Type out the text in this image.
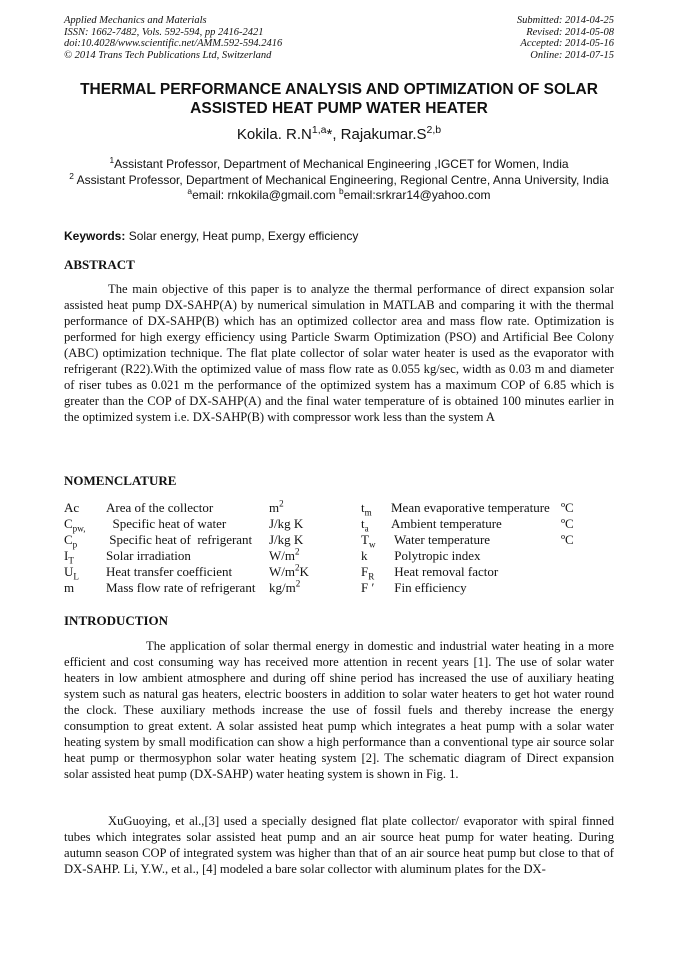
Applied Mechanics and Materials
ISSN: 1662-7482, Vols. 592-594, pp 2416-2421
doi:10.4028/www.scientific.net/AMM.592-594.2416
© 2014 Trans Tech Publications Ltd, Switzerland
Submitted: 2014-04-25
Revised: 2014-05-08
Accepted: 2014-05-16
Online: 2014-07-15
THERMAL PERFORMANCE ANALYSIS AND OPTIMIZATION OF SOLAR ASSISTED HEAT PUMP WATER HEATER
Kokila. $R.N^{1,a}*$, $Rajakumar.S^{2,b}$
$^1$Assistant Professor, Department of Mechanical Engineering ,IGCET for Women, India
$^2$ Assistant Professor, Department of Mechanical Engineering, Regional Centre, Anna University, India
$^a$email: rnkokila@gmail.com $^b$email:srkrar14@yahoo.com
Keywords: Solar energy, Heat pump, Exergy efficiency
ABSTRACT

The main objective of this paper is to analyze the thermal performance of direct expansion solar assisted heat pump DX-SAHP(A) by numerical simulation in MATLAB and comparing it with the thermal performance of DX-SAHP(B) which has an optimized collector area and mass flow rate. Optimization is performed for high exergy efficiency using Particle Swarm Optimization (PSO) and Artificial Bee Colony (ABC) optimization technique. The flat plate collector of solar water heater is used as the evaporator with refrigerant (R22).With the optimized value of mass flow rate as 0.055 kg/sec, width as 0.03 m and diameter of riser tubes as 0.021 m the performance of the optimized system has a maximum COP of 6.85 which is greater than the COP of DX-SAHP(A) and the final water temperature of is obtained 100 minutes earlier in the optimized system i.e. DX-SAHP(B) with compressor work less than the system A

NOMENCLATURE
Ac	Area of the collector	$m^2$	$t_m$	Mean evaporative temperature	ºC
$C_{pw,}$	Specific heat of water	J/kg K	$t_a$	Ambient temperature	ºC
$C_p$	Specific heat of  refrigerant	J/kg K	$T_w$	Water temperature	ºC
$I_T$	Solar irradiation	$W/m^2$	k	Polytropic index	
$U_L$	Heat transfer coefficient	$W/m^2K$	$F_R$	Heat removal factor	
m	Mass flow rate of refrigerant	$kg/m^2$	F ′	Fin efficiency	
INTRODUCTION

The application of solar thermal energy in domestic and industrial water heating in a more efficient and cost consuming way has received more attention in recent years [1]. The use of solar water heaters in low ambient atmosphere and during off shine period has increased the use of auxiliary heating system such as natural gas heaters, electric boosters in addition to solar water heaters to get hot water round the clock. These auxiliary methods increase the use of fossil fuels and thereby increase the energy consumption to great extent. A solar assisted heat pump which integrates a heat pump with a solar water heating system by small modification can show a high performance than a conventional type air source solar heat pump or thermosyphon solar water heating system [2]. The schematic diagram of Direct expansion solar assisted heat pump (DX-SAHP) water heating system is shown in Fig. 1.

XuGuoying, et al.,[3] used a specially designed flat plate collector/ evaporator with spiral finned tubes which integrates solar assisted heat pump and an air source heat pump for water heating. During autumn season COP of integrated system was higher than that of an air source heat pump but close to that of DX-SAHP. Li, Y.W., et al., [4] modeled a bare solar collector with aluminum plates for the DX-
